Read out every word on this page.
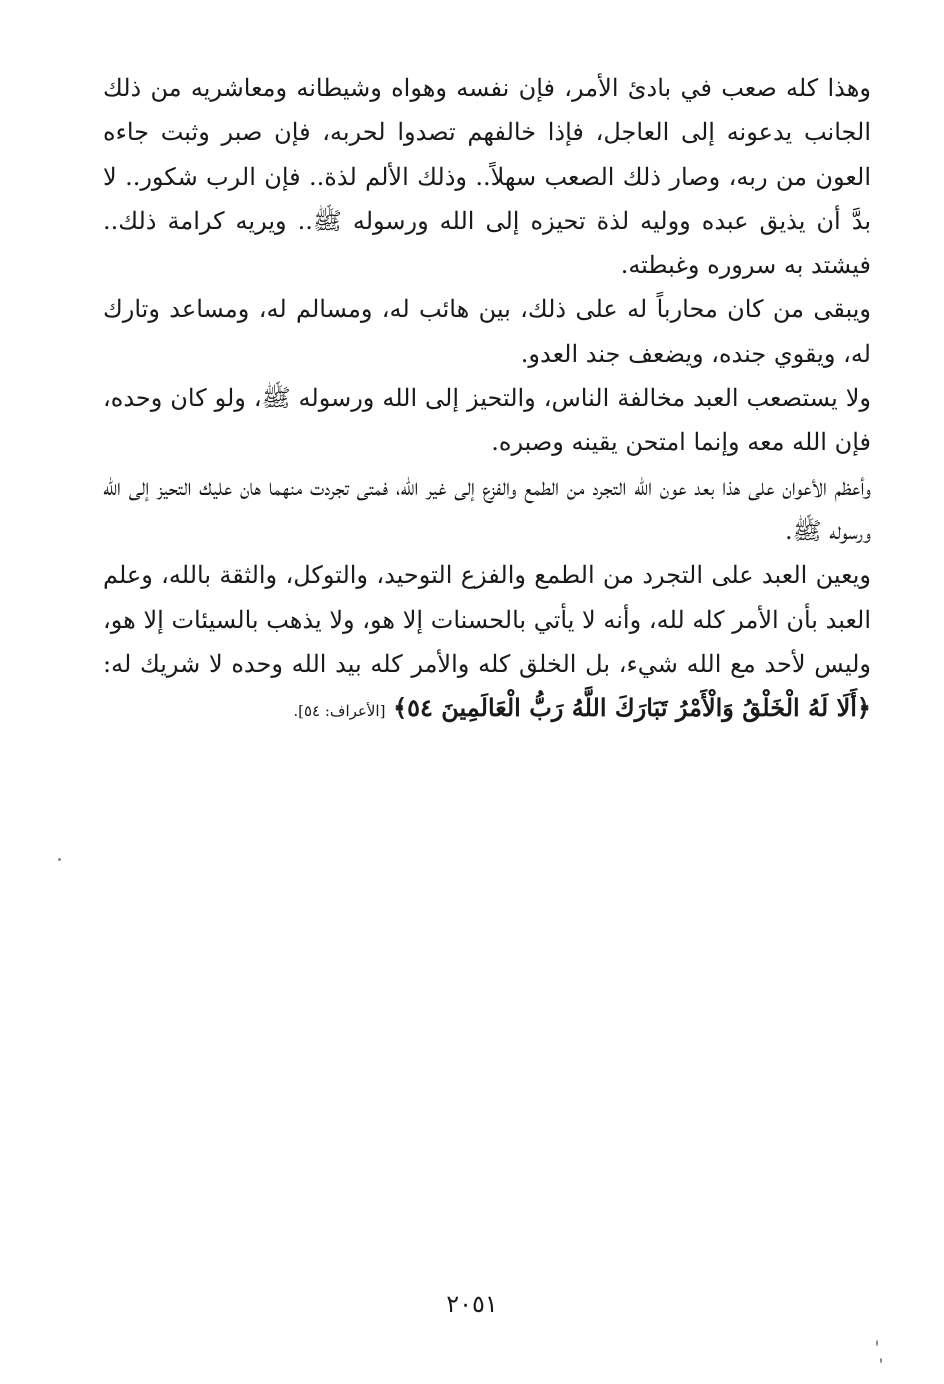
وهذا كله صعب في بادئ الأمر، فإن نفسه وهواه وشيطانه ومعاشريه من ذلك الجانب يدعونه إلى العاجل، فإذا خالفهم تصدوا لحربه، فإن صبر وثبت جاءه العون من ربه، وصار ذلك الصعب سهلاً.. وذلك الألم لذة.. فإن الرب شكور.. لا بدَّ أن يذيق عبده ووليه لذة تحيزه إلى الله ورسوله ﷺ.. ويريه كرامة ذلك.. فيشتد به سروره وغبطته.

ويبقى من كان محارباً له على ذلك، بين هائب له، ومسالم له، ومساعد وتارك له، ويقوي جنده، ويضعف جند العدو.

ولا يستصعب العبد مخالفة الناس، والتحيز إلى الله ورسوله ﷺ، ولو كان وحده، فإن الله معه وإنما امتحن يقينه وصبره.

وأعظم الأعوان على هذا بعد عون الله التجرد من الطمع والفزع إلى غير الله، فمتى تجردت منهما هان عليك التحيز إلى الله ورسوله ﷺ.

ويعين العبد على التجرد من الطمع والفزع التوحيد، والتوكل، والثقة بالله، وعلم العبد بأن الأمر كله لله، وأنه لا يأتي بالحسنات إلا هو، ولا يذهب بالسيئات إلا هو، وليس لأحد مع الله شيء، بل الخلق كله والأمر كله بيد الله وحده لا شريك له: ﴿أَلَا لَهُ الْخَلْقُ وَالْأَمْرُ تَبَارَكَ اللَّهُ رَبُّ الْعَالَمِينَ ٥٤﴾ [الأعراف: ٥٤].

٢٠٥١
